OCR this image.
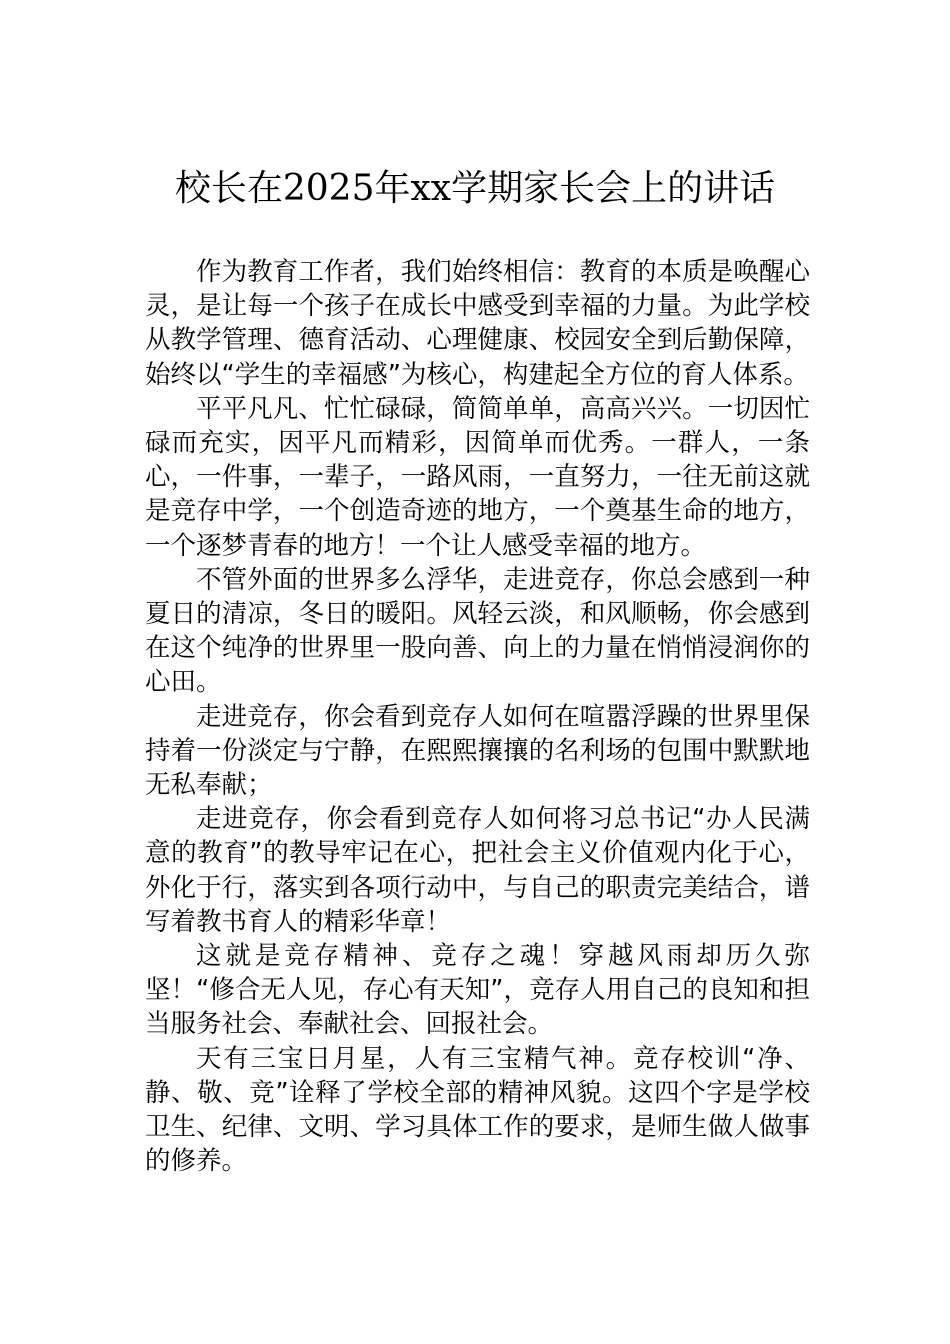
校长在2025年xx学期家长会上的讲话

作为教育工作者，我们始终相信：教育的本质是唤醒心灵，是让每一个孩子在成长中感受到幸福的力量。为此学校从教学管理、德育活动、心理健康、校园安全到后勤保障，始终以“学生的幸福感”为核心，构建起全方位的育人体系。

平平凡凡、忙忙碌碌，简简单单，高高兴兴。一切因忙碌而充实，因平凡而精彩，因简单而优秀。一群人，一条心，一件事，一辈子，一路风雨，一直努力，一往无前这就是竞存中学，一个创造奇迹的地方，一个奠基生命的地方，一个逐梦青春的地方！一个让人感受幸福的地方。

不管外面的世界多么浮华，走进竞存，你总会感到一种夏日的清凉，冬日的暖阳。风轻云淡，和风顺畅，你会感到在这个纯净的世界里一股向善、向上的力量在悄悄浸润你的心田。

走进竞存，你会看到竞存人如何在喧嚣浮躁的世界里保持着一份淡定与宁静，在熙熙攘攘的名利场的包围中默默地无私奉献；

走进竞存，你会看到竞存人如何将习总书记“办人民满意的教育”的教导牢记在心，把社会主义价值观内化于心，外化于行，落实到各项行动中，与自己的职责完美结合，谱写着教书育人的精彩华章！

这就是竞存精神、竞存之魂！穿越风雨却历久弥坚！“修合无人见，存心有天知”，竞存人用自己的良知和担当服务社会、奉献社会、回报社会。

天有三宝日月星，人有三宝精气神。竞存校训“净、静、敬、竞”诠释了学校全部的精神风貌。这四个字是学校卫生、纪律、文明、学习具体工作的要求，是师生做人做事的修养。
